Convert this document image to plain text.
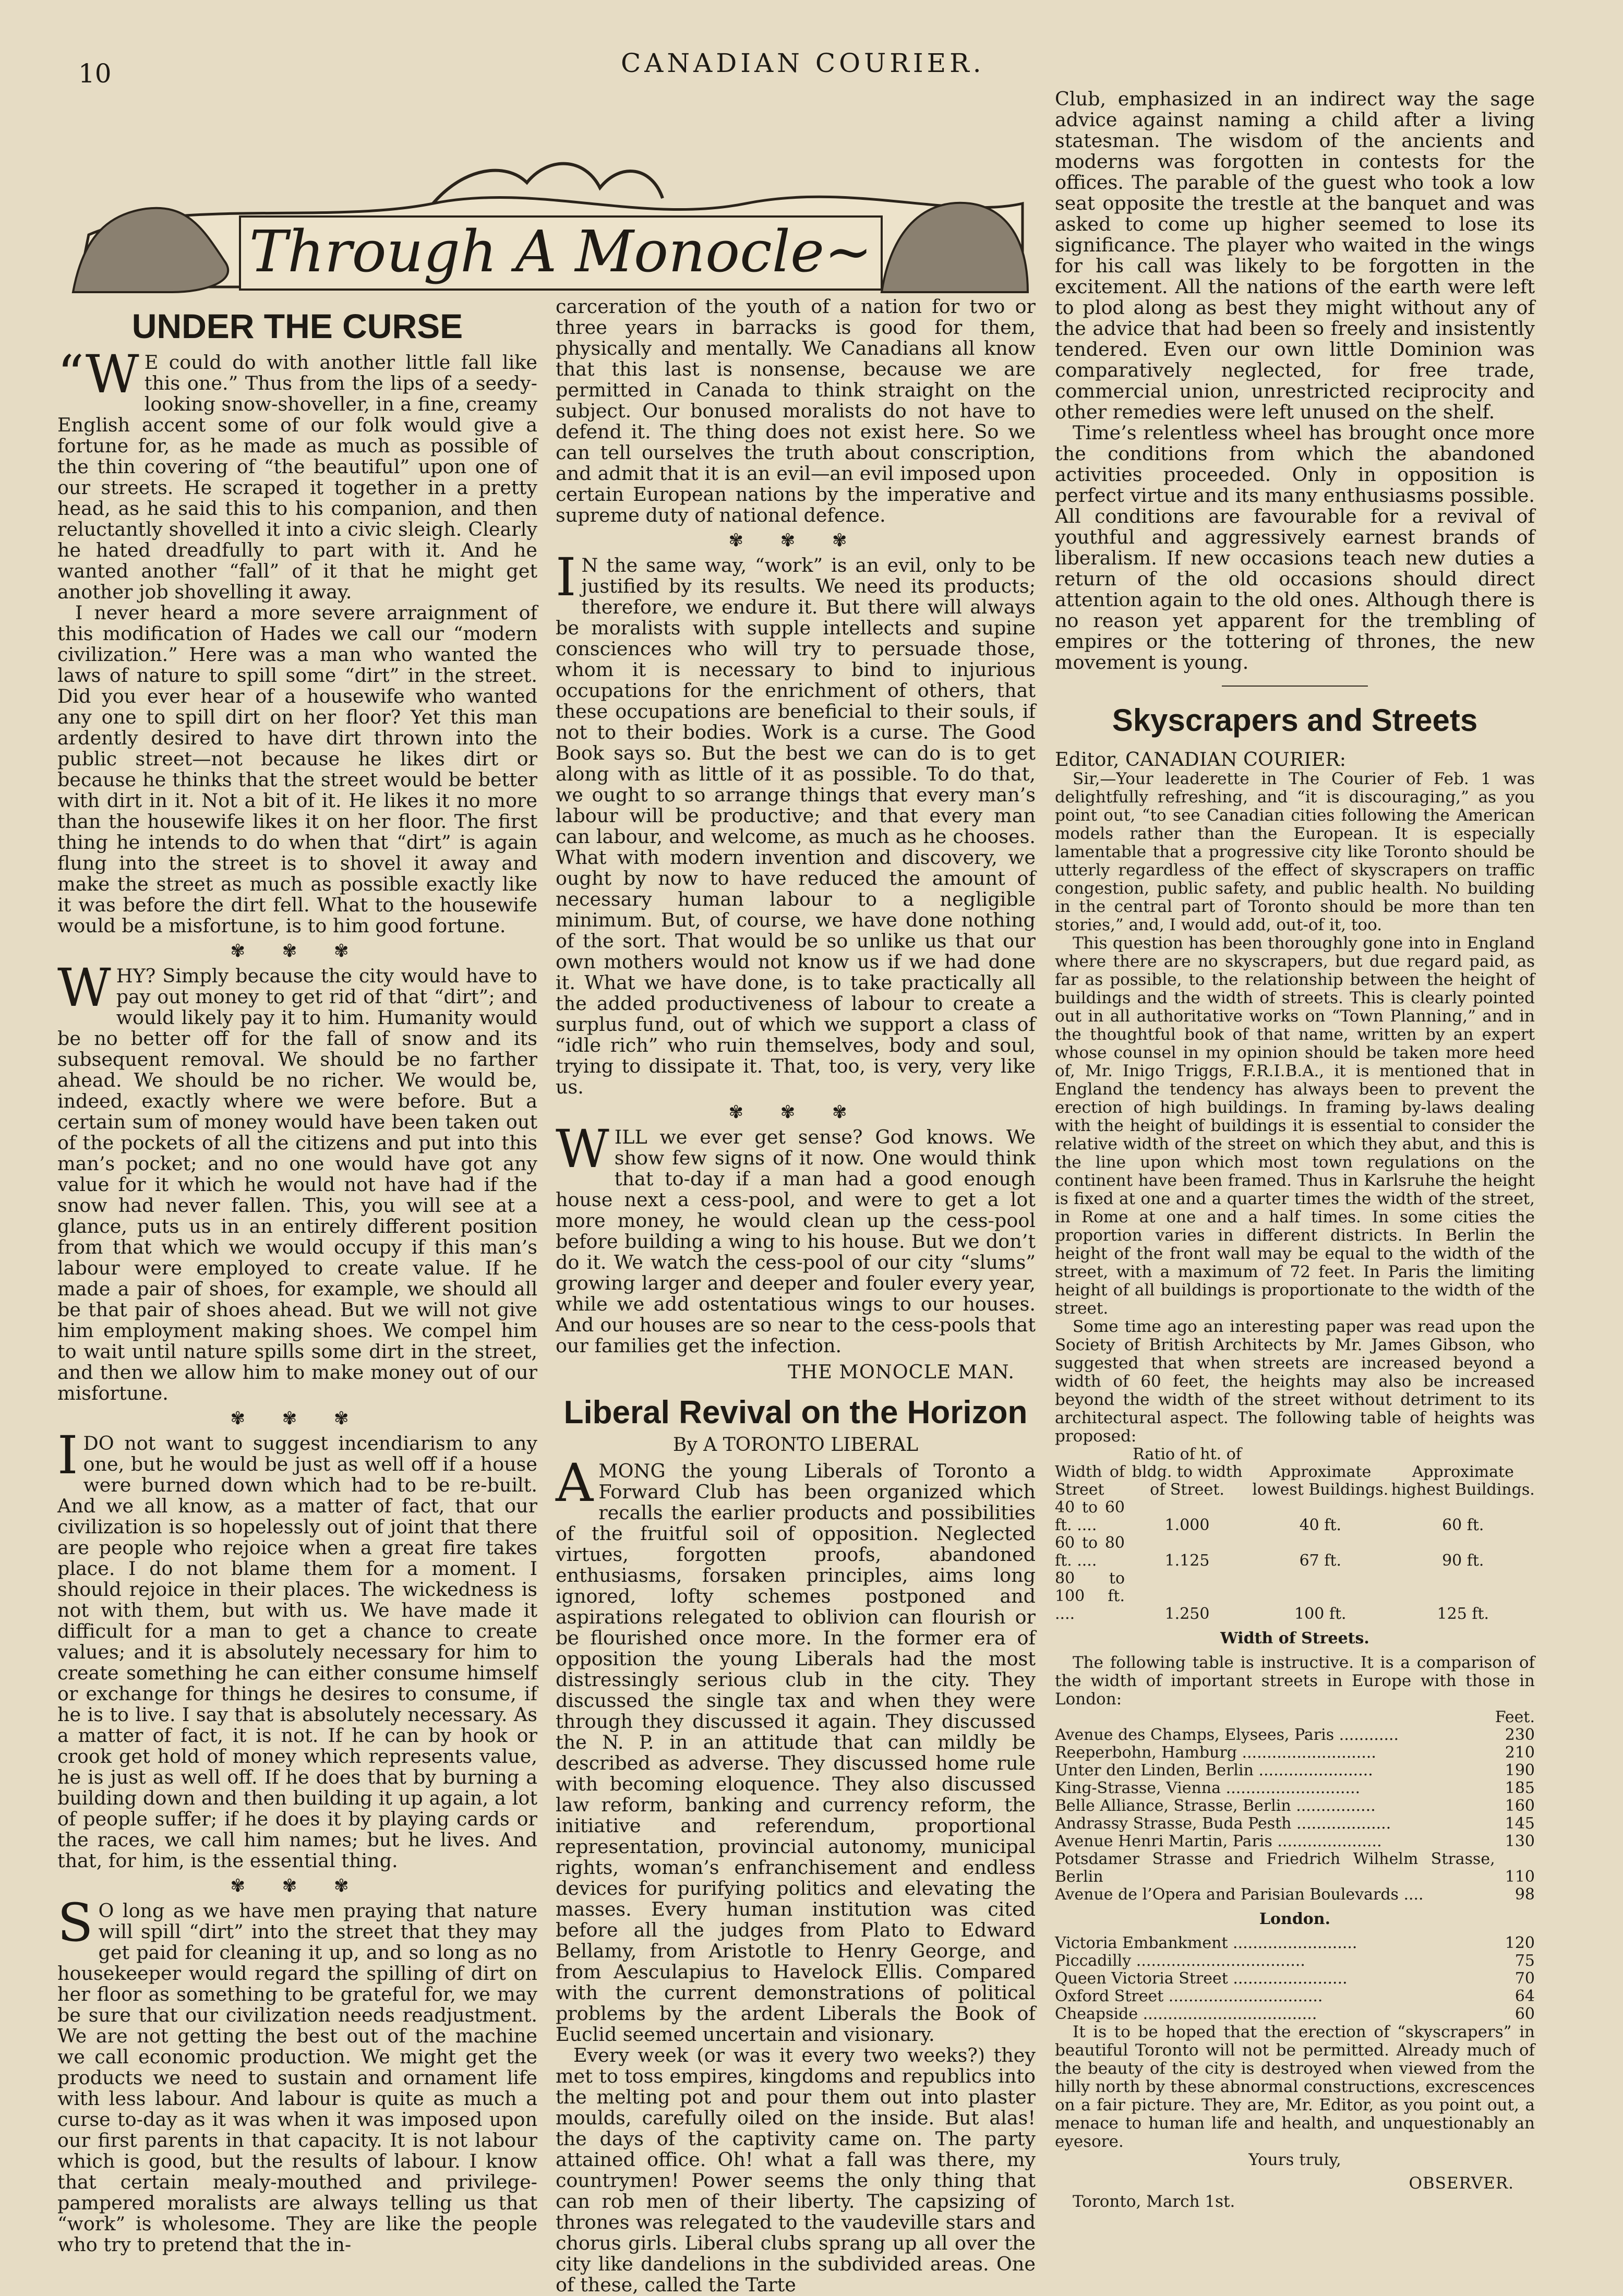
10	CANADIAN COURIER.
Through A Monocle~
UNDER THE CURSE

“W E could do with another little fall like this one.” Thus from the lips of a seedy-looking snow-shoveller, in a fine, creamy English accent some of our folk would give a fortune for, as he made as much as possible of the thin covering of “the beautiful” upon one of our streets. He scraped it together in a pretty head, as he said this to his companion, and then reluctantly shovelled it into a civic sleigh. Clearly he hated dreadfully to part with it. And he wanted another “fall” of it that he might get another job shovelling it away.

I never heard a more severe arraignment of this modification of Hades we call our “modern civilization.” Here was a man who wanted the laws of nature to spill some “dirt” in the street. Did you ever hear of a housewife who wanted any one to spill dirt on her floor? Yet this man ardently desired to have dirt thrown into the public street—not because he likes dirt or because he thinks that the street would be better with dirt in it. Not a bit of it. He likes it no more than the housewife likes it on her floor. The first thing he intends to do when that “dirt” is again flung into the street is to shovel it away and make the street as much as possible exactly like it was before the dirt fell. What to the housewife would be a misfortune, is to him good fortune.

✾ ✾ ✾

WHY? Simply because the city would have to pay out money to get rid of that “dirt”; and would likely pay it to him. Humanity would be no better off for the fall of snow and its subsequent removal. We should be no farther ahead. We should be no richer. We would be, indeed, exactly where we were before. But a certain sum of money would have been taken out of the pockets of all the citizens and put into this man’s pocket; and no one would have got any value for it which he would not have had if the snow had never fallen. This, you will see at a glance, puts us in an entirely different position from that which we would occupy if this man’s labour were employed to create value. If he made a pair of shoes, for example, we should all be that pair of shoes ahead. But we will not give him employment making shoes. We compel him to wait until nature spills some dirt in the street, and then we allow him to make money out of our misfortune.

✾ ✾ ✾

I DO not want to suggest incendiarism to any one, but he would be just as well off if a house were burned down which had to be re-built. And we all know, as a matter of fact, that our civilization is so hopelessly out of joint that there are people who rejoice when a great fire takes place. I do not blame them for a moment. I should rejoice in their places. The wickedness is not with them, but with us. We have made it difficult for a man to get a chance to create values; and it is absolutely necessary for him to create something he can either consume himself or exchange for things he desires to consume, if he is to live. I say that is absolutely necessary. As a matter of fact, it is not. If he can by hook or crook get hold of money which represents value, he is just as well off. If he does that by burning a building down and then building it up again, a lot of people suffer; if he does it by playing cards or the races, we call him names; but he lives. And that, for him, is the essential thing.

✾ ✾ ✾

S O long as we have men praying that nature will spill “dirt” into the street that they may get paid for cleaning it up, and so long as no housekeeper would regard the spilling of dirt on her floor as something to be grateful for, we may be sure that our civilization needs readjustment. We are not getting the best out of the machine we call economic production. We might get the products we need to sustain and ornament life with less labour. And labour is quite as much a curse to-day as it was when it was imposed upon our first parents in that capacity. It is not labour which is good, but the results of labour. I know that certain mealy-mouthed and privilege-pampered moralists are always telling us that “work” is wholesome. They are like the people who try to pretend that the in-

carceration of the youth of a nation for two or three years in barracks is good for them, physically and mentally. We Canadians all know that this last is nonsense, because we are permitted in Canada to think straight on the subject. Our bonused moralists do not have to defend it. The thing does not exist here. So we can tell ourselves the truth about conscription, and admit that it is an evil—an evil imposed upon certain European nations by the imperative and supreme duty of national defence.

✾ ✾ ✾

I N the same way, “work” is an evil, only to be justified by its results. We need its products; therefore, we endure it. But there will always be moralists with supple intellects and supine consciences who will try to persuade those, whom it is necessary to bind to injurious occupations for the enrichment of others, that these occupations are beneficial to their souls, if not to their bodies. Work is a curse. The Good Book says so. But the best we can do is to get along with as little of it as possible. To do that, we ought to so arrange things that every man’s labour will be productive; and that every man can labour, and welcome, as much as he chooses. What with modern invention and discovery, we ought by now to have reduced the amount of necessary human labour to a negligible minimum. But, of course, we have done nothing of the sort. That would be so unlike us that our own mothers would not know us if we had done it. What we have done, is to take practically all the added productiveness of labour to create a surplus fund, out of which we support a class of “idle rich” who ruin themselves, body and soul, trying to dissipate it. That, too, is very, very like us.

✾ ✾ ✾

WILL we ever get sense? God knows. We show few signs of it now. One would think that to-day if a man had a good enough house next a cess-pool, and were to get a lot more money, he would clean up the cess-pool before building a wing to his house. But we don’t do it. We watch the cess-pool of our city “slums” growing larger and deeper and fouler every year, while we add ostentatious wings to our houses. And our houses are so near to the cess-pools that our families get the infection.

THE MONOCLE MAN.
Liberal Revival on the Horizon
By A TORONTO LIBERAL

AMONG the young Liberals of Toronto a Forward Club has been organized which recalls the earlier products and possibilities of the fruitful soil of opposition. Neglected virtues, forgotten proofs, abandoned enthusiasms, forsaken principles, aims long ignored, lofty schemes postponed and aspirations relegated to oblivion can flourish or be flourished once more. In the former era of opposition the young Liberals had the most distressingly serious club in the city. They discussed the single tax and when they were through they discussed it again. They discussed the N. P. in an attitude that can mildly be described as adverse. They discussed home rule with becoming eloquence. They also discussed law reform, banking and currency reform, the initiative and referendum, proportional representation, provincial autonomy, municipal rights, woman’s enfranchisement and endless devices for purifying politics and elevating the masses. Every human institution was cited before all the judges from Plato to Edward Bellamy, from Aristotle to Henry George, and from Aesculapius to Havelock Ellis. Compared with the current demonstrations of political problems by the ardent Liberals the Book of Euclid seemed uncertain and visionary.

Every week (or was it every two weeks?) they met to toss empires, kingdoms and republics into the melting pot and pour them out into plaster moulds, carefully oiled on the inside. But alas! the days of the captivity came on. The party attained office. Oh! what a fall was there, my countrymen! Power seems the only thing that can rob men of their liberty. The capsizing of thrones was relegated to the vaudeville stars and chorus girls. Liberal clubs sprang up all over the city like dandelions in the subdivided areas. One of these, called the Tarte

Club, emphasized in an indirect way the sage advice against naming a child after a living statesman. The wisdom of the ancients and moderns was forgotten in contests for the offices. The parable of the guest who took a low seat opposite the trestle at the banquet and was asked to come up higher seemed to lose its significance. The player who waited in the wings for his call was likely to be forgotten in the excitement. All the nations of the earth were left to plod along as best they might without any of the advice that had been so freely and insistently tendered. Even our own little Dominion was comparatively neglected, for free trade, commercial union, unrestricted reciprocity and other remedies were left unused on the shelf.

Time’s relentless wheel has brought once more the conditions from which the abandoned activities proceeded. Only in opposition is perfect virtue and its many enthusiasms possible. All conditions are favourable for a revival of youthful and aggressively earnest brands of liberalism. If new occasions teach new duties a return of the old occasions should direct attention again to the old ones. Although there is no reason yet apparent for the trembling of empires or the tottering of thrones, the new movement is young.

Skyscrapers and Streets

Editor, CANADIAN COURIER:

Sir,—Your leaderette in The Courier of Feb. 1 was delightfully refreshing, and “it is discouraging,” as you point out, “to see Canadian cities following the American models rather than the European. It is especially lamentable that a progressive city like Toronto should be utterly regardless of the effect of skyscrapers on traffic congestion, public safety, and public health. No building in the central part of Toronto should be more than ten stories,” and, I would add, out-of it, too.

This question has been thoroughly gone into in England where there are no skyscrapers, but due regard paid, as far as possible, to the relationship between the height of buildings and the width of streets. This is clearly pointed out in all authoritative works on “Town Planning,” and in the thoughtful book of that name, written by an expert whose counsel in my opinion should be taken more heed of, Mr. Inigo Triggs, F.R.I.B.A., it is mentioned that in England the tendency has always been to prevent the erection of high buildings. In framing by-laws dealing with the height of buildings it is essential to consider the relative width of the street on which they abut, and this is the line upon which most town regulations on the continent have been framed. Thus in Karlsruhe the height is fixed at one and a quarter times the width of the street, in Rome at one and a half times. In some cities the proportion varies in different districts. In Berlin the height of the front wall may be equal to the width of the street, with a maximum of 72 feet. In Paris the limiting height of all buildings is proportionate to the width of the street.

Some time ago an interesting paper was read upon the Society of British Architects by Mr. James Gibson, who suggested that when streets are increased beyond a width of 60 feet, the heights may also be increased beyond the width of the street without detriment to its architectural aspect. The following table of heights was proposed:

Width of Street	Ratio of ht. of bldg. to width of Street.	Approximate lowest Buildings.	Approximate highest Buildings.
40 to 60 ft. ....	1.000	40 ft.	60 ft.
60 to 80 ft. ....	1.125	67 ft.	90 ft.
80 to 100 ft. ....	1.250	100 ft.	125 ft.
Width of Streets.

The following table is instructive. It is a comparison of the width of important streets in Europe with those in London:

	Feet.
Avenue des Champs, Elysees, Paris ............	230
Reeperbohn, Hamburg ...........................	210
Unter den Linden, Berlin .......................	190
King-Strasse, Vienna ...........................	185
Belle Alliance, Strasse, Berlin ................	160
Andrassy Strasse, Buda Pesth ...................	145
Avenue Henri Martin, Paris .....................	130
Potsdamer Strasse and Friedrich Wilhelm Strasse, Berlin	110
Avenue de l’Opera and Parisian Boulevards ....	98
London.
Victoria Embankment .........................	120
Piccadilly ..................................	75
Queen Victoria Street .......................	70
Oxford Street ...............................	64
Cheapside ...................................	60

It is to be hoped that the erection of “skyscrapers” in beautiful Toronto will not be permitted. Already much of the beauty of the city is destroyed when viewed from the hilly north by these abnormal constructions, excrescences on a fair picture. They are, Mr. Editor, as you point out, a menace to human life and health, and unquestionably an eyesore.

Yours truly,
OBSERVER.

Toronto, March 1st.
